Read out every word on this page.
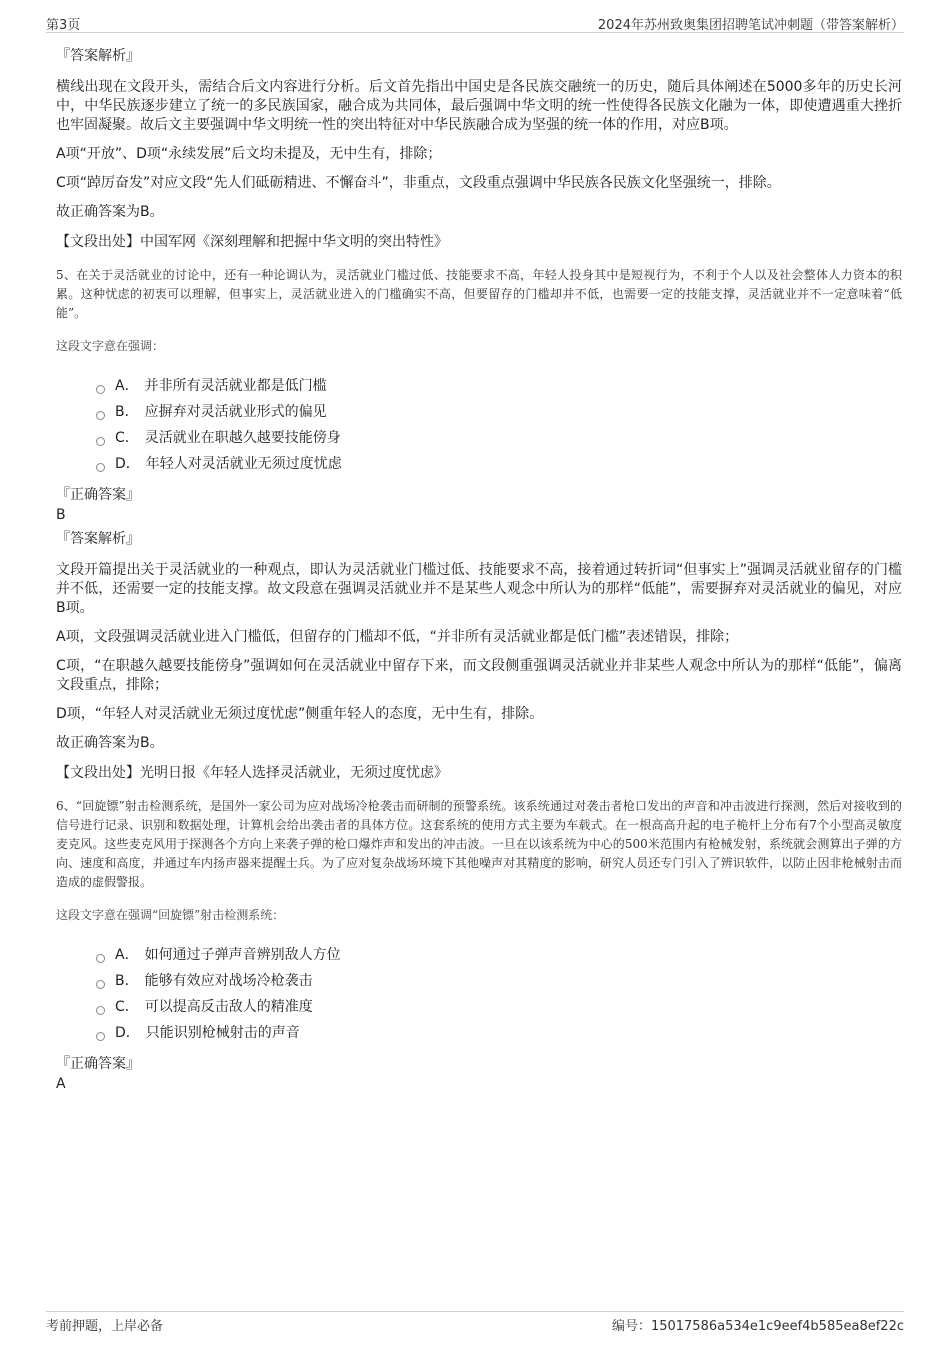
第3页	2024年苏州致奥集团招聘笔试冲刺题（带答案解析）

『答案解析』

横线出现在文段开头，需结合后文内容进行分析。后文首先指出中国史是各民族交融统一的历史，随后具体阐述在5000多年的历史长河中，中华民族逐步建立了统一的多民族国家，融合成为共同体，最后强调中华文明的统一性使得各民族文化融为一体，即使遭遇重大挫折也牢固凝聚。故后文主要强调中华文明统一性的突出特征对中华民族融合成为坚强的统一体的作用，对应B项。

A项“开放”、D项“永续发展”后文均未提及，无中生有，排除；

C项“踔厉奋发”对应文段“先人们砥砺精进、不懈奋斗”，非重点，文段重点强调中华民族各民族文化坚强统一，排除。

故正确答案为B。

【文段出处】中国军网《深刻理解和把握中华文明的突出特性》

5、在关于灵活就业的讨论中，还有一种论调认为，灵活就业门槛过低、技能要求不高，年轻人投身其中是短视行为，不利于个人以及社会整体人力资本的积累。这种忧虑的初衷可以理解，但事实上，灵活就业进入的门槛确实不高，但要留存的门槛却并不低，也需要一定的技能支撑，灵活就业并不一定意味着“低能”。

这段文字意在强调：

A． 并非所有灵活就业都是低门槛
B． 应摒弃对灵活就业形式的偏见
C． 灵活就业在职越久越要技能傍身
D． 年轻人对灵活就业无须过度忧虑

『正确答案』

B

『答案解析』

文段开篇提出关于灵活就业的一种观点，即认为灵活就业门槛过低、技能要求不高，接着通过转折词“但事实上”强调灵活就业留存的门槛并不低，还需要一定的技能支撑。故文段意在强调灵活就业并不是某些人观念中所认为的那样“低能”，需要摒弃对灵活就业的偏见，对应B项。

A项，文段强调灵活就业进入门槛低，但留存的门槛却不低，“并非所有灵活就业都是低门槛”表述错误，排除；

C项，“在职越久越要技能傍身”强调如何在灵活就业中留存下来，而文段侧重强调灵活就业并非某些人观念中所认为的那样“低能”，偏离文段重点，排除；

D项，“年轻人对灵活就业无须过度忧虑”侧重年轻人的态度，无中生有，排除。

故正确答案为B。

【文段出处】光明日报《年轻人选择灵活就业，无须过度忧虑》

6、“回旋镖”射击检测系统，是国外一家公司为应对战场冷枪袭击而研制的预警系统。该系统通过对袭击者枪口发出的声音和冲击波进行探测，然后对接收到的信号进行记录、识别和数据处理，计算机会给出袭击者的具体方位。这套系统的使用方式主要为车载式。在一根高高升起的电子桅杆上分布有7个小型高灵敏度麦克风。这些麦克风用于探测各个方向上来袭子弹的枪口爆炸声和发出的冲击波。一旦在以该系统为中心的500米范围内有枪械发射，系统就会测算出子弹的方向、速度和高度，并通过车内扬声器来提醒士兵。为了应对复杂战场环境下其他噪声对其精度的影响，研究人员还专门引入了辨识软件，以防止因非枪械射击而造成的虚假警报。

这段文字意在强调“回旋镖”射击检测系统：

A． 如何通过子弹声音辨别敌人方位
B． 能够有效应对战场冷枪袭击
C． 可以提高反击敌人的精准度
D． 只能识别枪械射击的声音

『正确答案』

A

考前押题，上岸必备	编号：15017586a534e1c9eef4b585ea8ef22c
